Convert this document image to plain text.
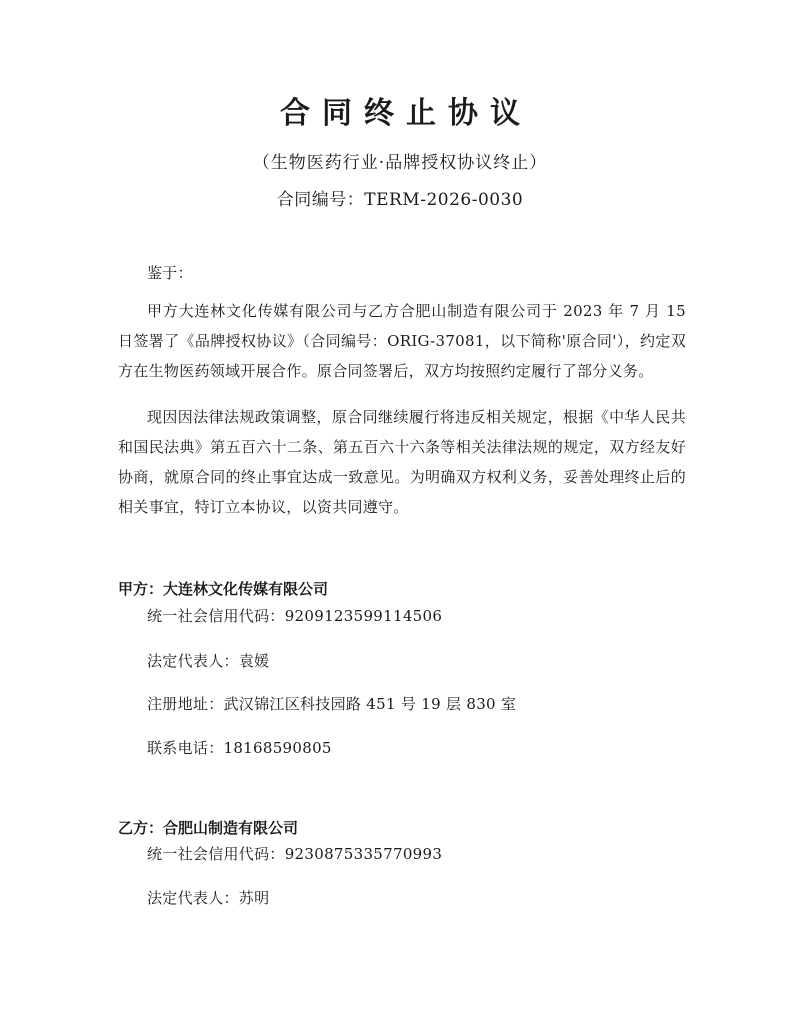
合同终止协议
（生物医药行业·品牌授权协议终止）
合同编号：TERM-2026-0030
鉴于：
甲方大连林文化传媒有限公司与乙方合肥山制造有限公司于 2023 年 7 月 15 日签署了《品牌授权协议》（合同编号：ORIG-37081，以下简称'原合同'），约定双方在生物医药领域开展合作。原合同签署后，双方均按照约定履行了部分义务。
现因因法律法规政策调整，原合同继续履行将违反相关规定，根据《中华人民共和国民法典》第五百六十二条、第五百六十六条等相关法律法规的规定，双方经友好协商，就原合同的终止事宜达成一致意见。为明确双方权利义务，妥善处理终止后的相关事宜，特订立本协议，以资共同遵守。
甲方：大连林文化传媒有限公司
统一社会信用代码：9209123599114506
法定代表人：袁媛
注册地址：武汉锦江区科技园路 451 号 19 层 830 室
联系电话：18168590805
乙方：合肥山制造有限公司
统一社会信用代码：9230875335770993
法定代表人：苏明
